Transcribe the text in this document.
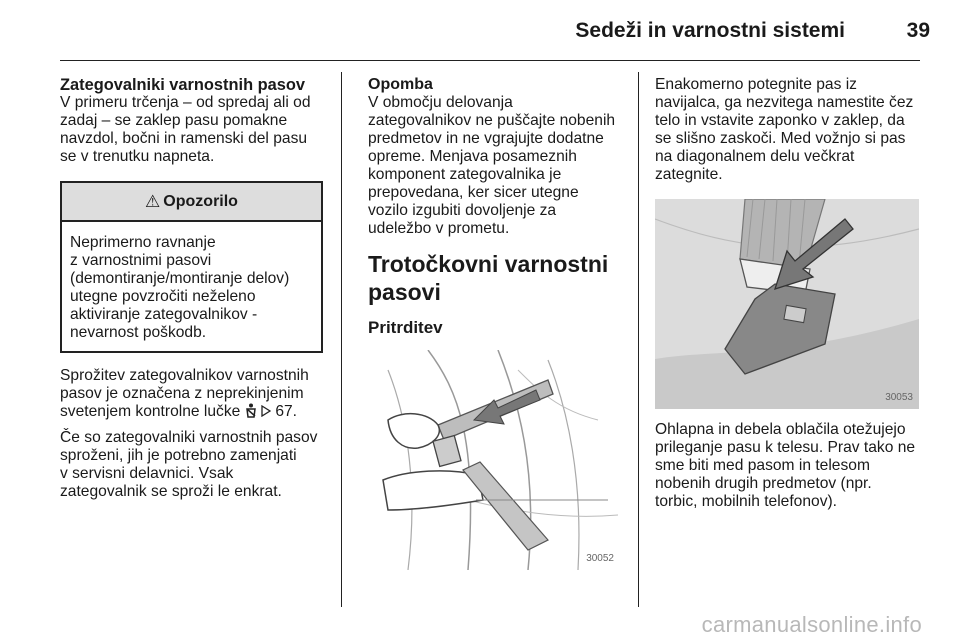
Sedeži in varnostni sistemi	39

Zategovalniki varnostnih pasov

V primeru trčenja – od spredaj ali od
zadaj – se zaklep pasu pomakne
navzdol, bočni in ramenski del pasu
se v trenutku napneta.

⚠ Opozorilo
Neprimerno ravnanje
z varnostnimi pasovi
(demontiranje/montiranje delov)
utegne povzročiti neželeno
aktiviranje zategovalnikov -
nevarnost poškodb.

Sprožitev zategovalnikov varnostnih
pasov je označena z neprekinjenim
svetenjem kontrolne lučke 67.

Če so zategovalniki varnostnih pasov
sproženi, jih je potrebno zamenjati
v servisni delavnici. Vsak
zategovalnik se sproži le enkrat.

Opomba

V območju delovanja
zategovalnikov ne puščajte nobenih
predmetov in ne vgrajujte dodatne
opreme. Menjava posameznih
komponent zategovalnika je
prepovedana, ker sicer utegne
vozilo izgubiti dovoljenje za
udeležbo v prometu.

Trotočkovni varnostni
pasovi

Pritrditev

30052

Enakomerno potegnite pas iz
navijalca, ga nezvitega namestite čez
telo in vstavite zaponko v zaklep, da
se slišno zaskoči. Med vožnjo si pas
na diagonalnem delu večkrat
zategnite.

30053

Ohlapna in debela oblačila otežujejo
prileganje pasu k telesu. Prav tako ne
sme biti med pasom in telesom
nobenih drugih predmetov (npr.
torbic, mobilnih telefonov).

carmanualsonline.info
